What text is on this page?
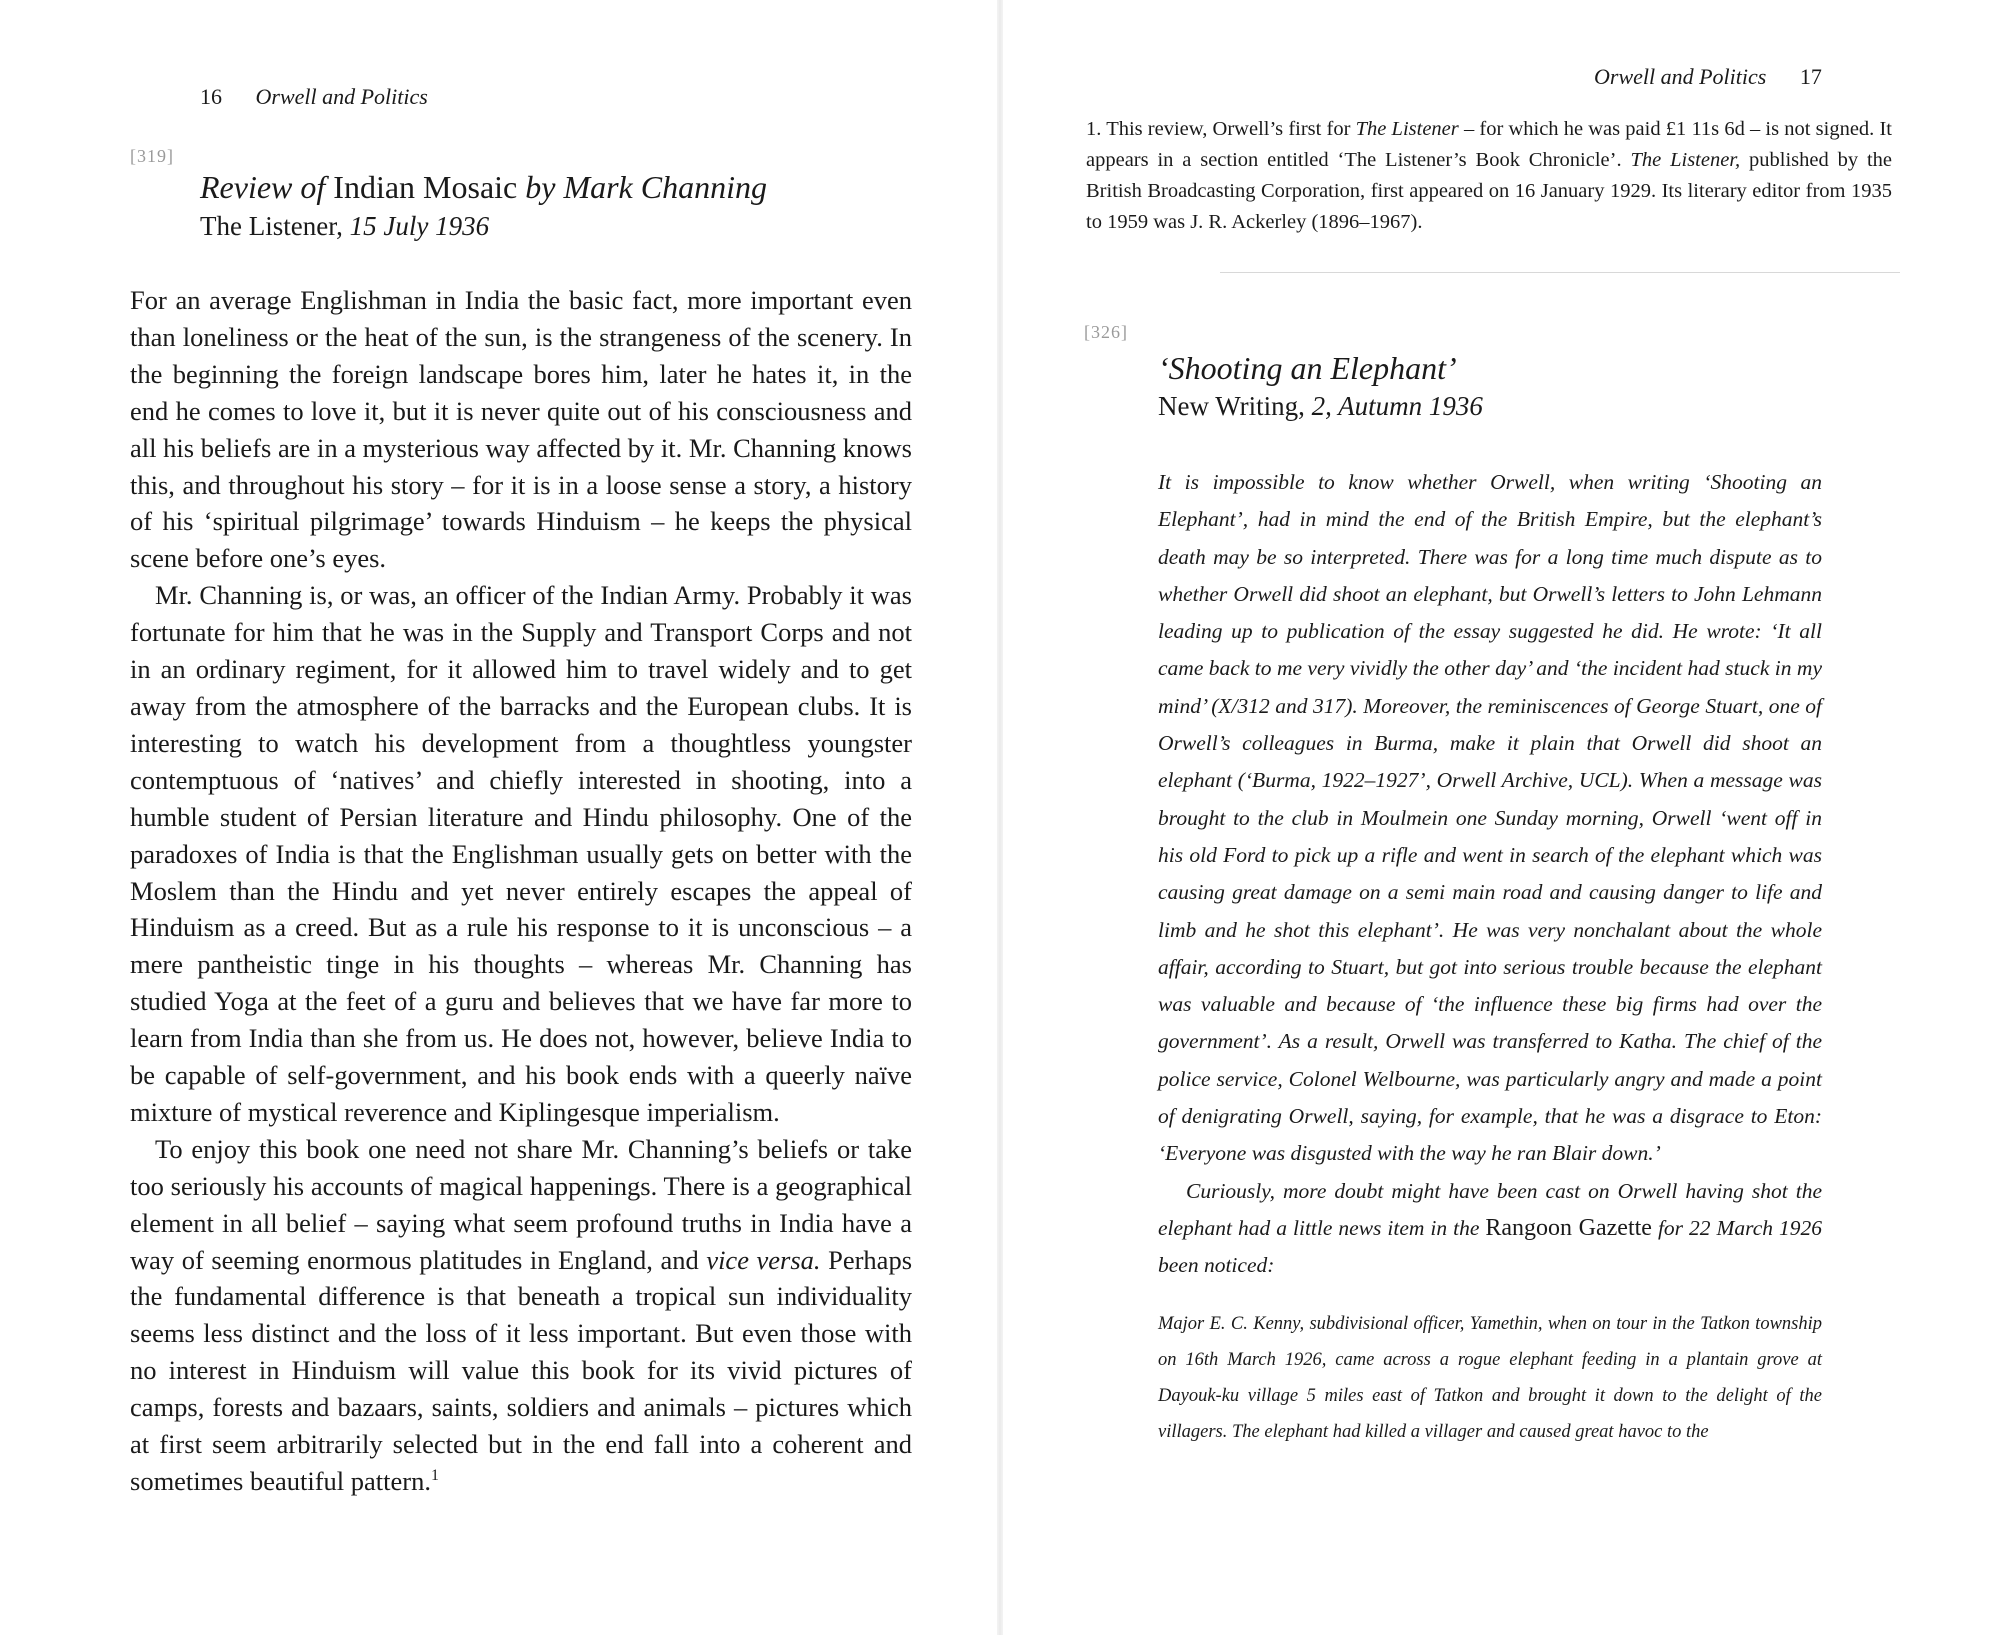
16 Orwell and Politics
[319]
Review of Indian Mosaic by Mark Channing
The Listener, 15 July 1936

For an average Englishman in India the basic fact, more important even than loneliness or the heat of the sun, is the strangeness of the scenery. In the beginning the foreign landscape bores him, later he hates it, in the end he comes to love it, but it is never quite out of his consciousness and all his beliefs are in a mysterious way affected by it. Mr. Channing knows this, and throughout his story – for it is in a loose sense a story, a history of his ‘spiritual pilgrimage’ towards Hinduism – he keeps the physical scene before one’s eyes.

Mr. Channing is, or was, an officer of the Indian Army. Probably it was fortunate for him that he was in the Supply and Transport Corps and not in an ordinary regiment, for it allowed him to travel widely and to get away from the atmosphere of the barracks and the European clubs. It is interesting to watch his development from a thoughtless youngster contemptuous of ‘natives’ and chiefly interested in shooting, into a humble student of Persian literature and Hindu philosophy. One of the paradoxes of India is that the Englishman usually gets on better with the Moslem than the Hindu and yet never entirely escapes the appeal of Hinduism as a creed. But as a rule his response to it is unconscious – a mere pantheistic tinge in his thoughts – whereas Mr. Channing has studied Yoga at the feet of a guru and believes that we have far more to learn from India than she from us. He does not, however, believe India to be capable of self-government, and his book ends with a queerly naïve mixture of mystical reverence and Kiplingesque imperialism.

To enjoy this book one need not share Mr. Channing’s beliefs or take too seriously his accounts of magical happenings. There is a geographical element in all belief – saying what seem profound truths in India have a way of seeming enormous platitudes in England, and vice versa. Perhaps the fundamental difference is that beneath a tropical sun individuality seems less distinct and the loss of it less important. But even those with no interest in Hinduism will value this book for its vivid pictures of camps, forests and bazaars, saints, soldiers and animals – pictures which at first seem arbitrarily selected but in the end fall into a coherent and sometimes beautiful pattern.$^1$

Orwell and Politics 17
1. This review, Orwell’s first for The Listener – for which he was paid £1 11s 6d – is not signed. It appears in a section entitled ‘The Listener’s Book Chronicle’. The Listener, published by the British Broadcasting Corporation, first appeared on 16 January 1929. Its literary editor from 1935 to 1959 was J. R. Ackerley (1896–1967).
[326]
‘Shooting an Elephant’
New Writing, 2, Autumn 1936

It is impossible to know whether Orwell, when writing ‘Shooting an Elephant’, had in mind the end of the British Empire, but the elephant’s death may be so interpreted. There was for a long time much dispute as to whether Orwell did shoot an elephant, but Orwell’s letters to John Lehmann leading up to publication of the essay suggested he did. He wrote: ‘It all came back to me very vividly the other day’ and ‘the incident had stuck in my mind’ (X/312 and 317). Moreover, the reminiscences of George Stuart, one of Orwell’s colleagues in Burma, make it plain that Orwell did shoot an elephant (‘Burma, 1922–1927’, Orwell Archive, UCL). When a message was brought to the club in Moulmein one Sunday morning, Orwell ‘went off in his old Ford to pick up a rifle and went in search of the elephant which was causing great damage on a semi main road and causing danger to life and limb and he shot this elephant’. He was very nonchalant about the whole affair, according to Stuart, but got into serious trouble because the elephant was valuable and because of ‘the influence these big firms had over the government’. As a result, Orwell was transferred to Katha. The chief of the police service, Colonel Welbourne, was particularly angry and made a point of denigrating Orwell, saying, for example, that he was a disgrace to Eton: ‘Everyone was disgusted with the way he ran Blair down.’

Curiously, more doubt might have been cast on Orwell having shot the elephant had a little news item in the Rangoon Gazette for 22 March 1926 been noticed:

Major E. C. Kenny, subdivisional officer, Yamethin, when on tour in the Tatkon township on 16th March 1926, came across a rogue elephant feeding in a plantain grove at Dayouk-ku village 5 miles east of Tatkon and brought it down to the delight of the villagers. The elephant had killed a villager and caused great havoc to the
